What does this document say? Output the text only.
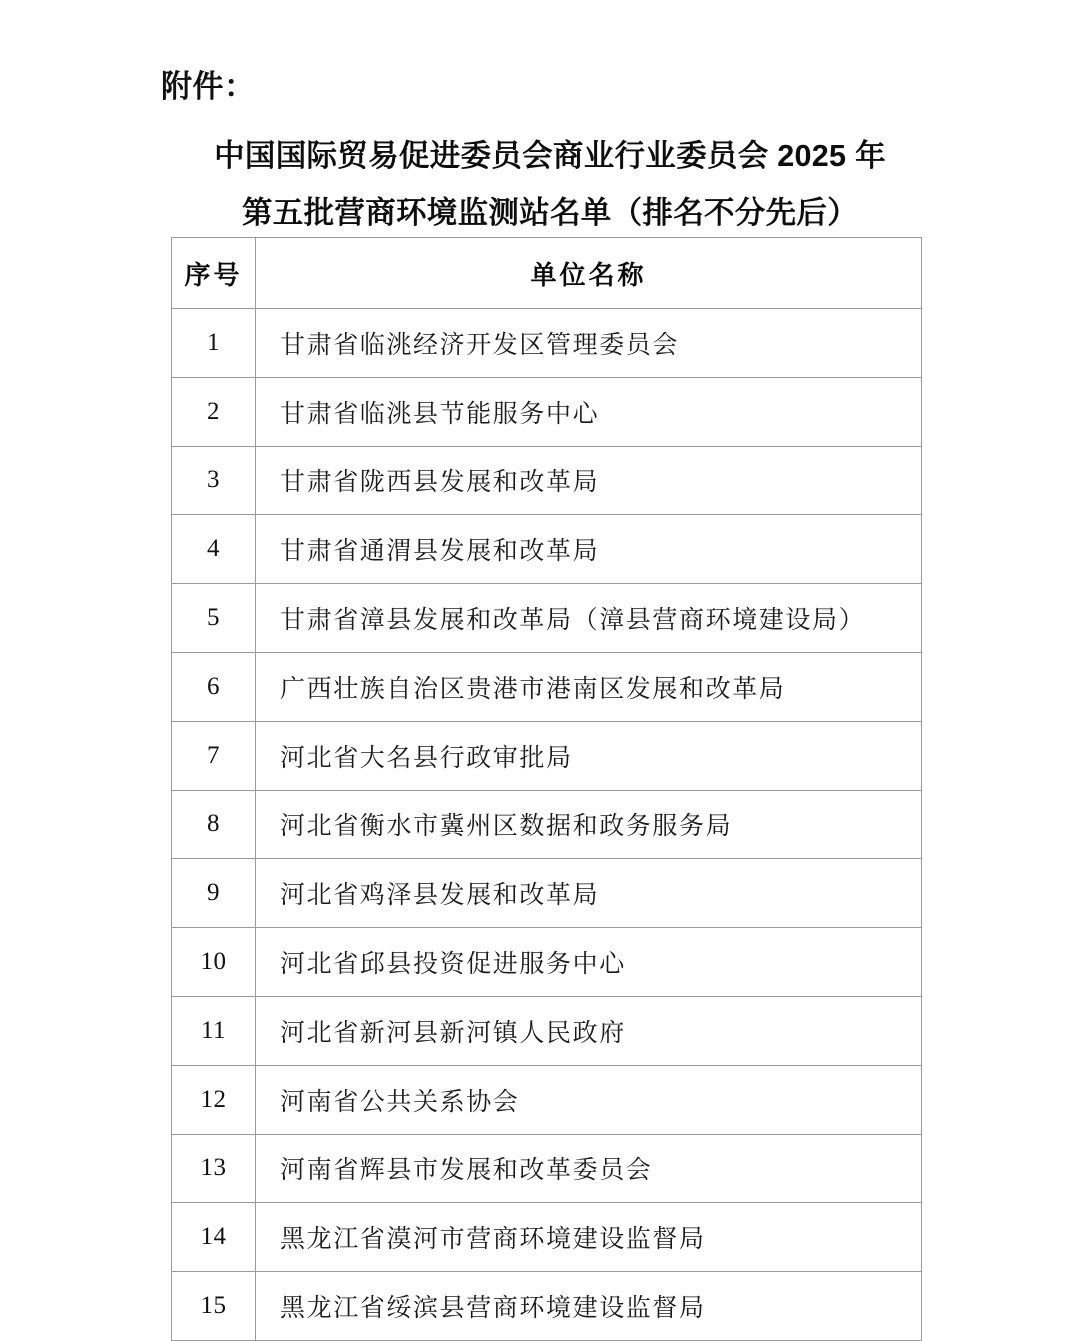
附件：
中国国际贸易促进委员会商业行业委员会 2025 年
第五批营商环境监测站名单（排名不分先后）
序号	单位名称
1	甘肃省临洮经济开发区管理委员会
2	甘肃省临洮县节能服务中心
3	甘肃省陇西县发展和改革局
4	甘肃省通渭县发展和改革局
5	甘肃省漳县发展和改革局（漳县营商环境建设局）
6	广西壮族自治区贵港市港南区发展和改革局
7	河北省大名县行政审批局
8	河北省衡水市冀州区数据和政务服务局
9	河北省鸡泽县发展和改革局
10	河北省邱县投资促进服务中心
11	河北省新河县新河镇人民政府
12	河南省公共关系协会
13	河南省辉县市发展和改革委员会
14	黑龙江省漠河市营商环境建设监督局
15	黑龙江省绥滨县营商环境建设监督局
